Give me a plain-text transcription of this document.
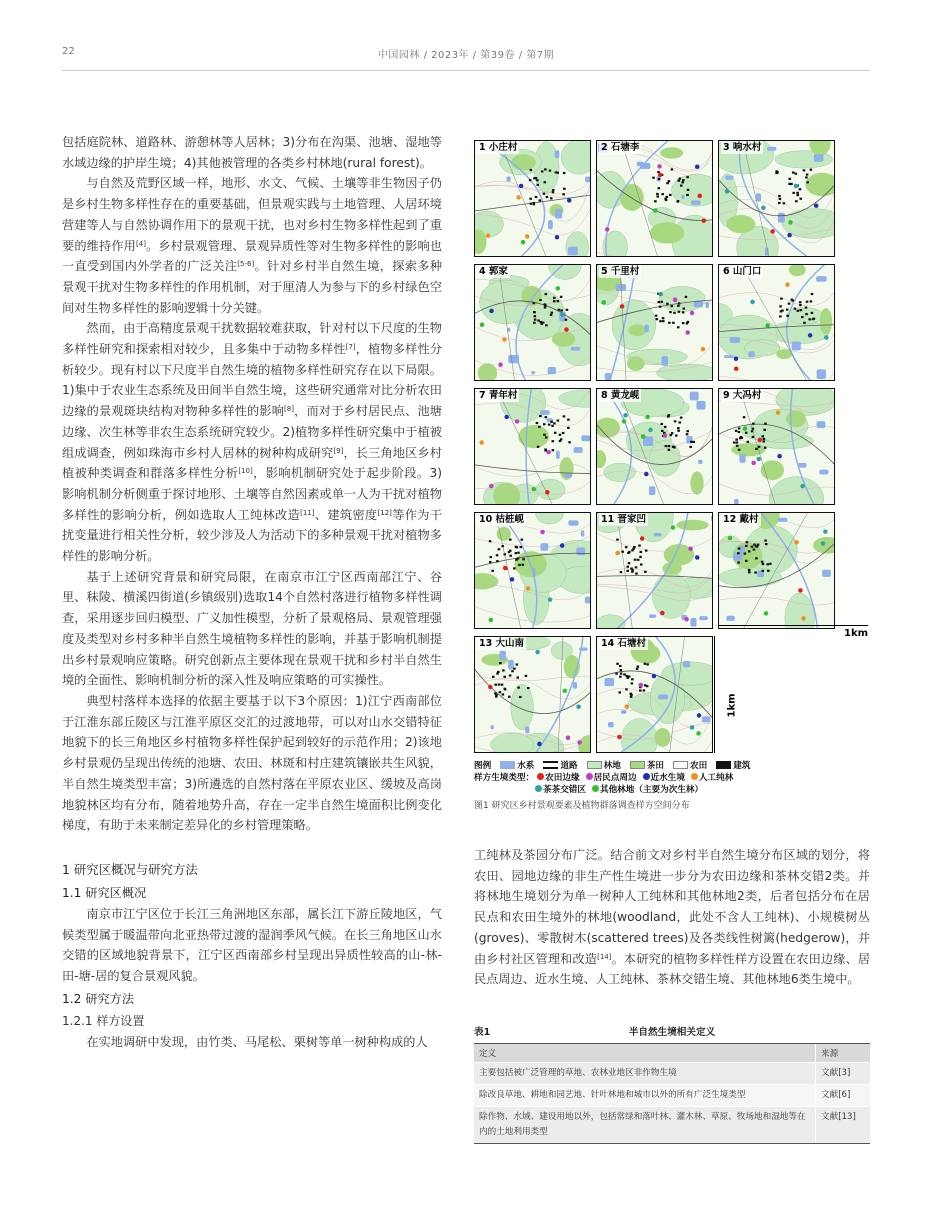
22	中国园林 / 2023年 / 第39卷 / 第7期

包括庭院林、道路林、游憩林等人居林；3)分布在沟渠、池塘、湿地等水域边缘的护岸生境；4)其他被管理的各类乡村林地(rural forest)。

与自然及荒野区域一样，地形、水文、气候、土壤等非生物因子仍是乡村生物多样性存在的重要基础，但景观实践与土地管理、人居环境营建等人与自然协调作用下的景观干扰，也对乡村生物多样性起到了重要的维持作用[4]。乡村景观管理、景观异质性等对生物多样性的影响也一直受到国内外学者的广泛关注[5-6]。针对乡村半自然生境，探索多种景观干扰对生物多样性的作用机制，对于厘清人为参与下的乡村绿色空间对生物多样性的影响逻辑十分关键。

然而，由于高精度景观干扰数据较难获取，针对村以下尺度的生物多样性研究和探索相对较少，且多集中于动物多样性[7]，植物多样性分析较少。现有村以下尺度半自然生境的植物多样性研究存在以下局限。1)集中于农业生态系统及田间半自然生境，这些研究通常对比分析农田边缘的景观斑块结构对物种多样性的影响[8]，而对于乡村居民点、池塘边缘、次生林等非农生态系统研究较少。2)植物多样性研究集中于植被组成调查，例如珠海市乡村人居林的树种构成研究[9]，长三角地区乡村植被种类调查和群落多样性分析[10]，影响机制研究处于起步阶段。3)影响机制分析侧重于探讨地形、土壤等自然因素或单一人为干扰对植物多样性的影响分析，例如选取人工纯林改造[11]、建筑密度[12]等作为干扰变量进行相关性分析，较少涉及人为活动下的多种景观干扰对植物多样性的影响分析。

基于上述研究背景和研究局限，在南京市江宁区西南部江宁、谷里、秣陵、横溪四街道(乡镇级别)选取14个自然村落进行植物多样性调查，采用逐步回归模型、广义加性模型，分析了景观格局、景观管理强度及类型对乡村多种半自然生境植物多样性的影响，并基于影响机制提出乡村景观响应策略。研究创新点主要体现在景观干扰和乡村半自然生境的全面性、影响机制分析的深入性及响应策略的可实操性。

典型村落样本选择的依据主要基于以下3个原因：1)江宁西南部位于江淮东部丘陵区与江淮平原区交汇的过渡地带，可以对山水交错特征地貌下的长三角地区乡村植物多样性保护起到较好的示范作用；2)该地乡村景观仍呈现出传统的池塘、农田、林斑和村庄建筑镶嵌共生风貌，半自然生境类型丰富；3)所遴选的自然村落在平原农业区、缓坡及高岗地貌林区均有分布，随着地势升高，存在一定半自然生境面积比例变化梯度，有助于未来制定差异化的乡村管理策略。

1 研究区概况与研究方法
1.1 研究区概况

南京市江宁区位于长江三角洲地区东部，属长江下游丘陵地区，气候类型属于暖温带向北亚热带过渡的湿润季风气候。在长三角地区山水交错的区域地貌背景下，江宁区西南部乡村呈现出异质性较高的山-林-田-塘-居的复合景观风貌。

1.2 研究方法
1.2.1 样方设置

在实地调研中发现，由竹类、马尾松、栗树等单一树种构成的人

1 小庄村	2 石塘李	3 响水村
4 郭家	5 千里村	6 山门口
7 青年村	8 黄龙岘	9 大冯村
10 枯桩岘	11 晋家凹	12 戴村
13 大山南	14 石塘村
1km
1km
图例	水系	道路	林地	茶田	农田	建筑
样方生境类型： 农田边缘 居民点周边 近水生境 人工纯林
茶茶交错区 其他林地（主要为次生林）
图1 研究区乡村景观要素及植物群落调查样方空间分布

工纯林及茶园分布广泛。结合前文对乡村半自然生境分布区域的划分，将农田、园地边缘的非生产性生境进一步分为农田边缘和茶林交错2类。并将林地生境划分为单一树种人工纯林和其他林地2类，后者包括分布在居民点和农田生境外的林地(woodland，此处不含人工纯林)、小规模树丛(groves)、零散树木(scattered trees)及各类线性树篱(hedgerow)，并由乡村社区管理和改造[14]。本研究的植物多样性样方设置在农田边缘、居民点周边、近水生境、人工纯林、茶林交错生境、其他林地6类生境中。

表1	半自然生境相关定义
定义	来源
主要包括被广泛管理的草地、农林业地区非作物生境	文献[3]
除改良草地、耕地和园艺地、针叶林地和城市以外的所有广泛生境类型	文献[6]
除作物、水域、建设用地以外，包括常绿和落叶林、灌木林、草原、牧场地和湿地等在内的土地利用类型	文献[13]
